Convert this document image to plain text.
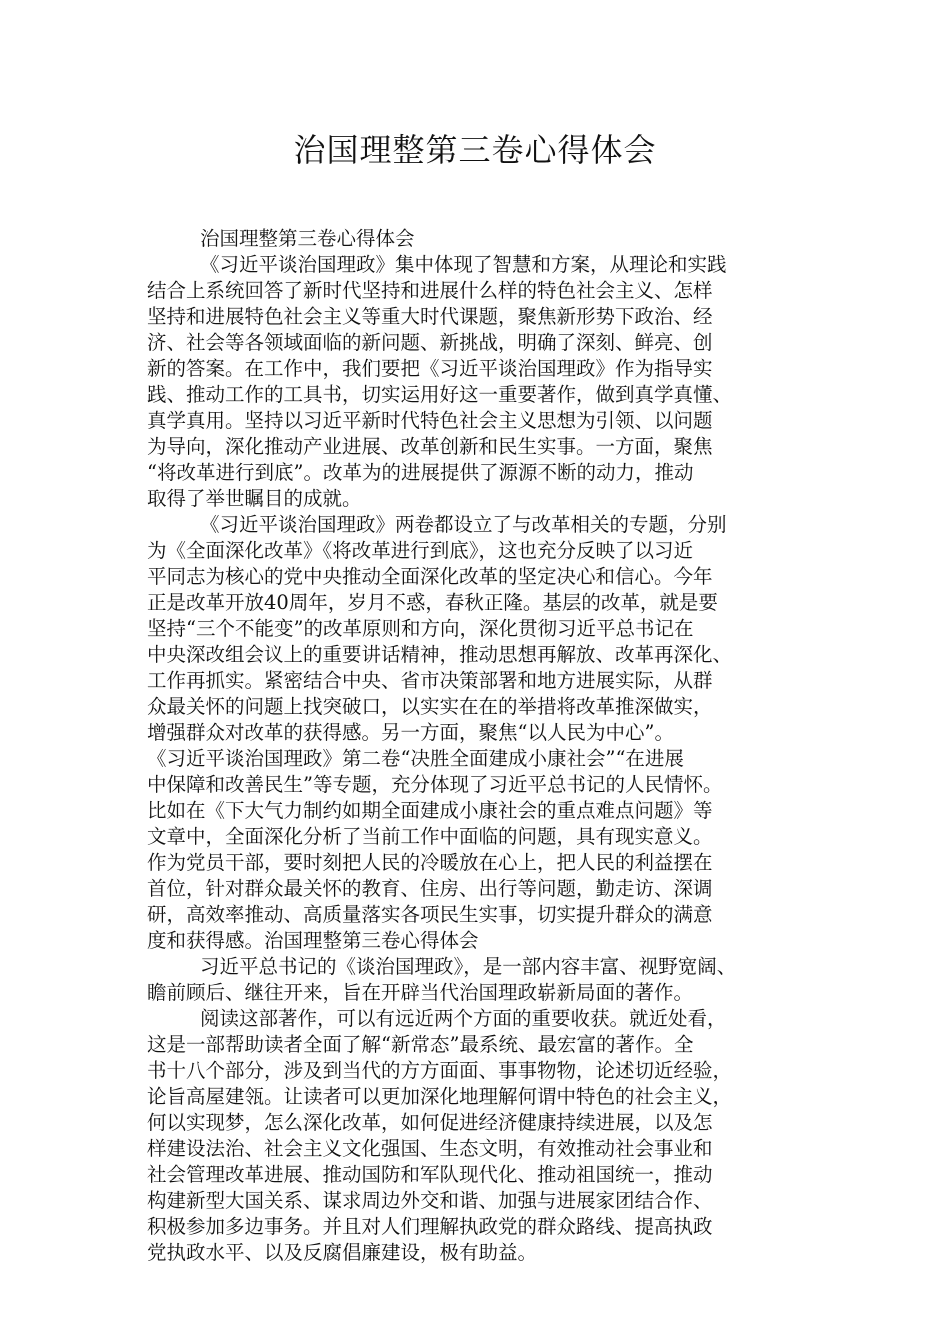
治国理整第三卷心得体会
治国理整第三卷心得体会
《习近平谈治国理政》集中体现了智慧和方案，从理论和实践
结合上系统回答了新时代坚持和进展什么样的特色社会主义、怎样
坚持和进展特色社会主义等重大时代课题，聚焦新形势下政治、经
济、社会等各领域面临的新问题、新挑战，明确了深刻、鲜亮、创
新的答案。在工作中，我们要把《习近平谈治国理政》作为指导实
践、推动工作的工具书，切实运用好这一重要著作，做到真学真懂、
真学真用。坚持以习近平新时代特色社会主义思想为引领、以问题
为导向，深化推动产业进展、改革创新和民生实事。一方面，聚焦
“将改革进行到底”。改革为的进展提供了源源不断的动力，推动
取得了举世瞩目的成就。
《习近平谈治国理政》两卷都设立了与改革相关的专题，分别
为《全面深化改革》《将改革进行到底》，这也充分反映了以习近
平同志为核心的党中央推动全面深化改革的坚定决心和信心。今年
正是改革开放40周年，岁月不惑，春秋正隆。基层的改革，就是要
坚持“三个不能变”的改革原则和方向，深化贯彻习近平总书记在
中央深改组会议上的重要讲话精神，推动思想再解放、改革再深化、
工作再抓实。紧密结合中央、省市决策部署和地方进展实际，从群
众最关怀的问题上找突破口，以实实在在的举措将改革推深做实，
增强群众对改革的获得感。另一方面，聚焦“以人民为中心”。
《习近平谈治国理政》第二卷“决胜全面建成小康社会”“在进展
中保障和改善民生”等专题，充分体现了习近平总书记的人民情怀。
比如在《下大气力制约如期全面建成小康社会的重点难点问题》等
文章中，全面深化分析了当前工作中面临的问题，具有现实意义。
作为党员干部，要时刻把人民的冷暖放在心上，把人民的利益摆在
首位，针对群众最关怀的教育、住房、出行等问题，勤走访、深调
研，高效率推动、高质量落实各项民生实事，切实提升群众的满意
度和获得感。治国理整第三卷心得体会
习近平总书记的《谈治国理政》，是一部内容丰富、视野宽阔、
瞻前顾后、继往开来，旨在开辟当代治国理政崭新局面的著作。
阅读这部著作，可以有远近两个方面的重要收获。就近处看，
这是一部帮助读者全面了解“新常态”最系统、最宏富的著作。全
书十八个部分，涉及到当代的方方面面、事事物物，论述切近经验，
论旨高屋建瓴。让读者可以更加深化地理解何谓中特色的社会主义，
何以实现梦，怎么深化改革，如何促进经济健康持续进展，以及怎
样建设法治、社会主义文化强国、生态文明，有效推动社会事业和
社会管理改革进展、推动国防和军队现代化、推动祖国统一，推动
构建新型大国关系、谋求周边外交和谐、加强与进展家团结合作、
积极参加多边事务。并且对人们理解执政党的群众路线、提高执政
党执政水平、以及反腐倡廉建设，极有助益。
